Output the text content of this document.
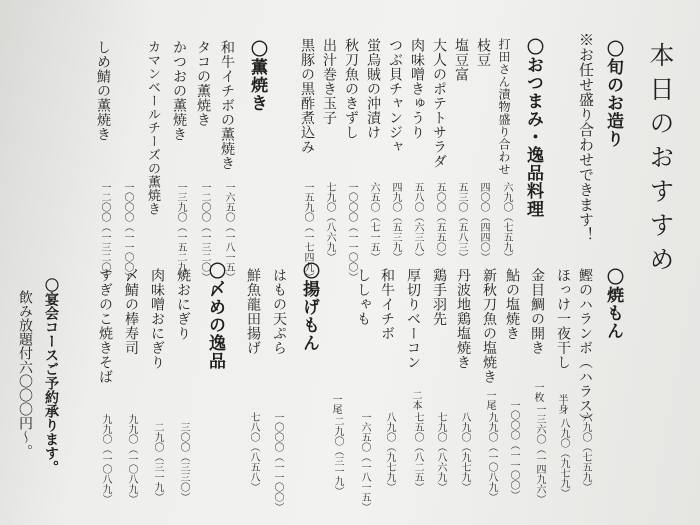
本日のおすすめ
〇旬のお造り
※お任せ盛り合わせできます！
〇おつまみ・逸品料理
打田さん漬物盛り合わせ
六九〇（七五九）
枝豆
四〇〇（四四〇）
塩豆富
五三〇（五八三）
大人のポテトサラダ
五〇〇（五五〇）
肉味噌きゅうり
五八〇（六三八）
つぶ貝チャンジャ
四九〇（五三九）
蛍烏賊の沖漬け
六五〇（七一五）
秋刀魚のきずし
一〇〇〇（一一〇〇）
出汁巻き玉子
七九〇（八六九）
黒豚の黒酢煮込み
一五九〇（一七四九）
〇薫焼き
和牛イチボの薫焼き
一六五〇（一八一五）
タコの薫焼き
一二〇〇（一三二〇）
かつおの薫焼き
一三九〇（一五二九）
カマンベールチーズの薫焼き
一〇〇〇（一一〇〇）
しめ鯖の薫焼き
一二〇〇（一三二〇）
〇焼もん
鰹のハランボ（ハラス）
六九〇（七五九）
ほっけ一夜干し
半身
八九〇（九七九）
金目鯛の開き
一枚
一三六〇（一四九六）
鮎の塩焼き
一〇〇〇（一一〇〇）
新秋刀魚の塩焼き
一尾
九九〇（一〇八九）
丹波地鶏塩焼き
八九〇（九七九）
鶏手羽先
七九〇（八六九）
厚切りベーコン
二本
七五〇（八二五）
和牛イチボ
八九〇（九七九）
ししゃも
一六五〇（一八一五）
〇揚げもん
はもの天ぷら
一尾
二九〇（三一九）
鮮魚龍田揚げ
一〇〇〇（一一〇〇）
七八〇（八五八）
〇〆めの逸品
焼おにぎり
三〇〇（三三〇）
肉味噌おにぎり
二九〇（三一九）
〆鯖の棒寿司
九九〇（一〇八九）
すぎのこ焼きそば
九九〇（一〇八九）
〇宴会コースご予約承ります。
飲み放題付六〇〇〇円〜。
